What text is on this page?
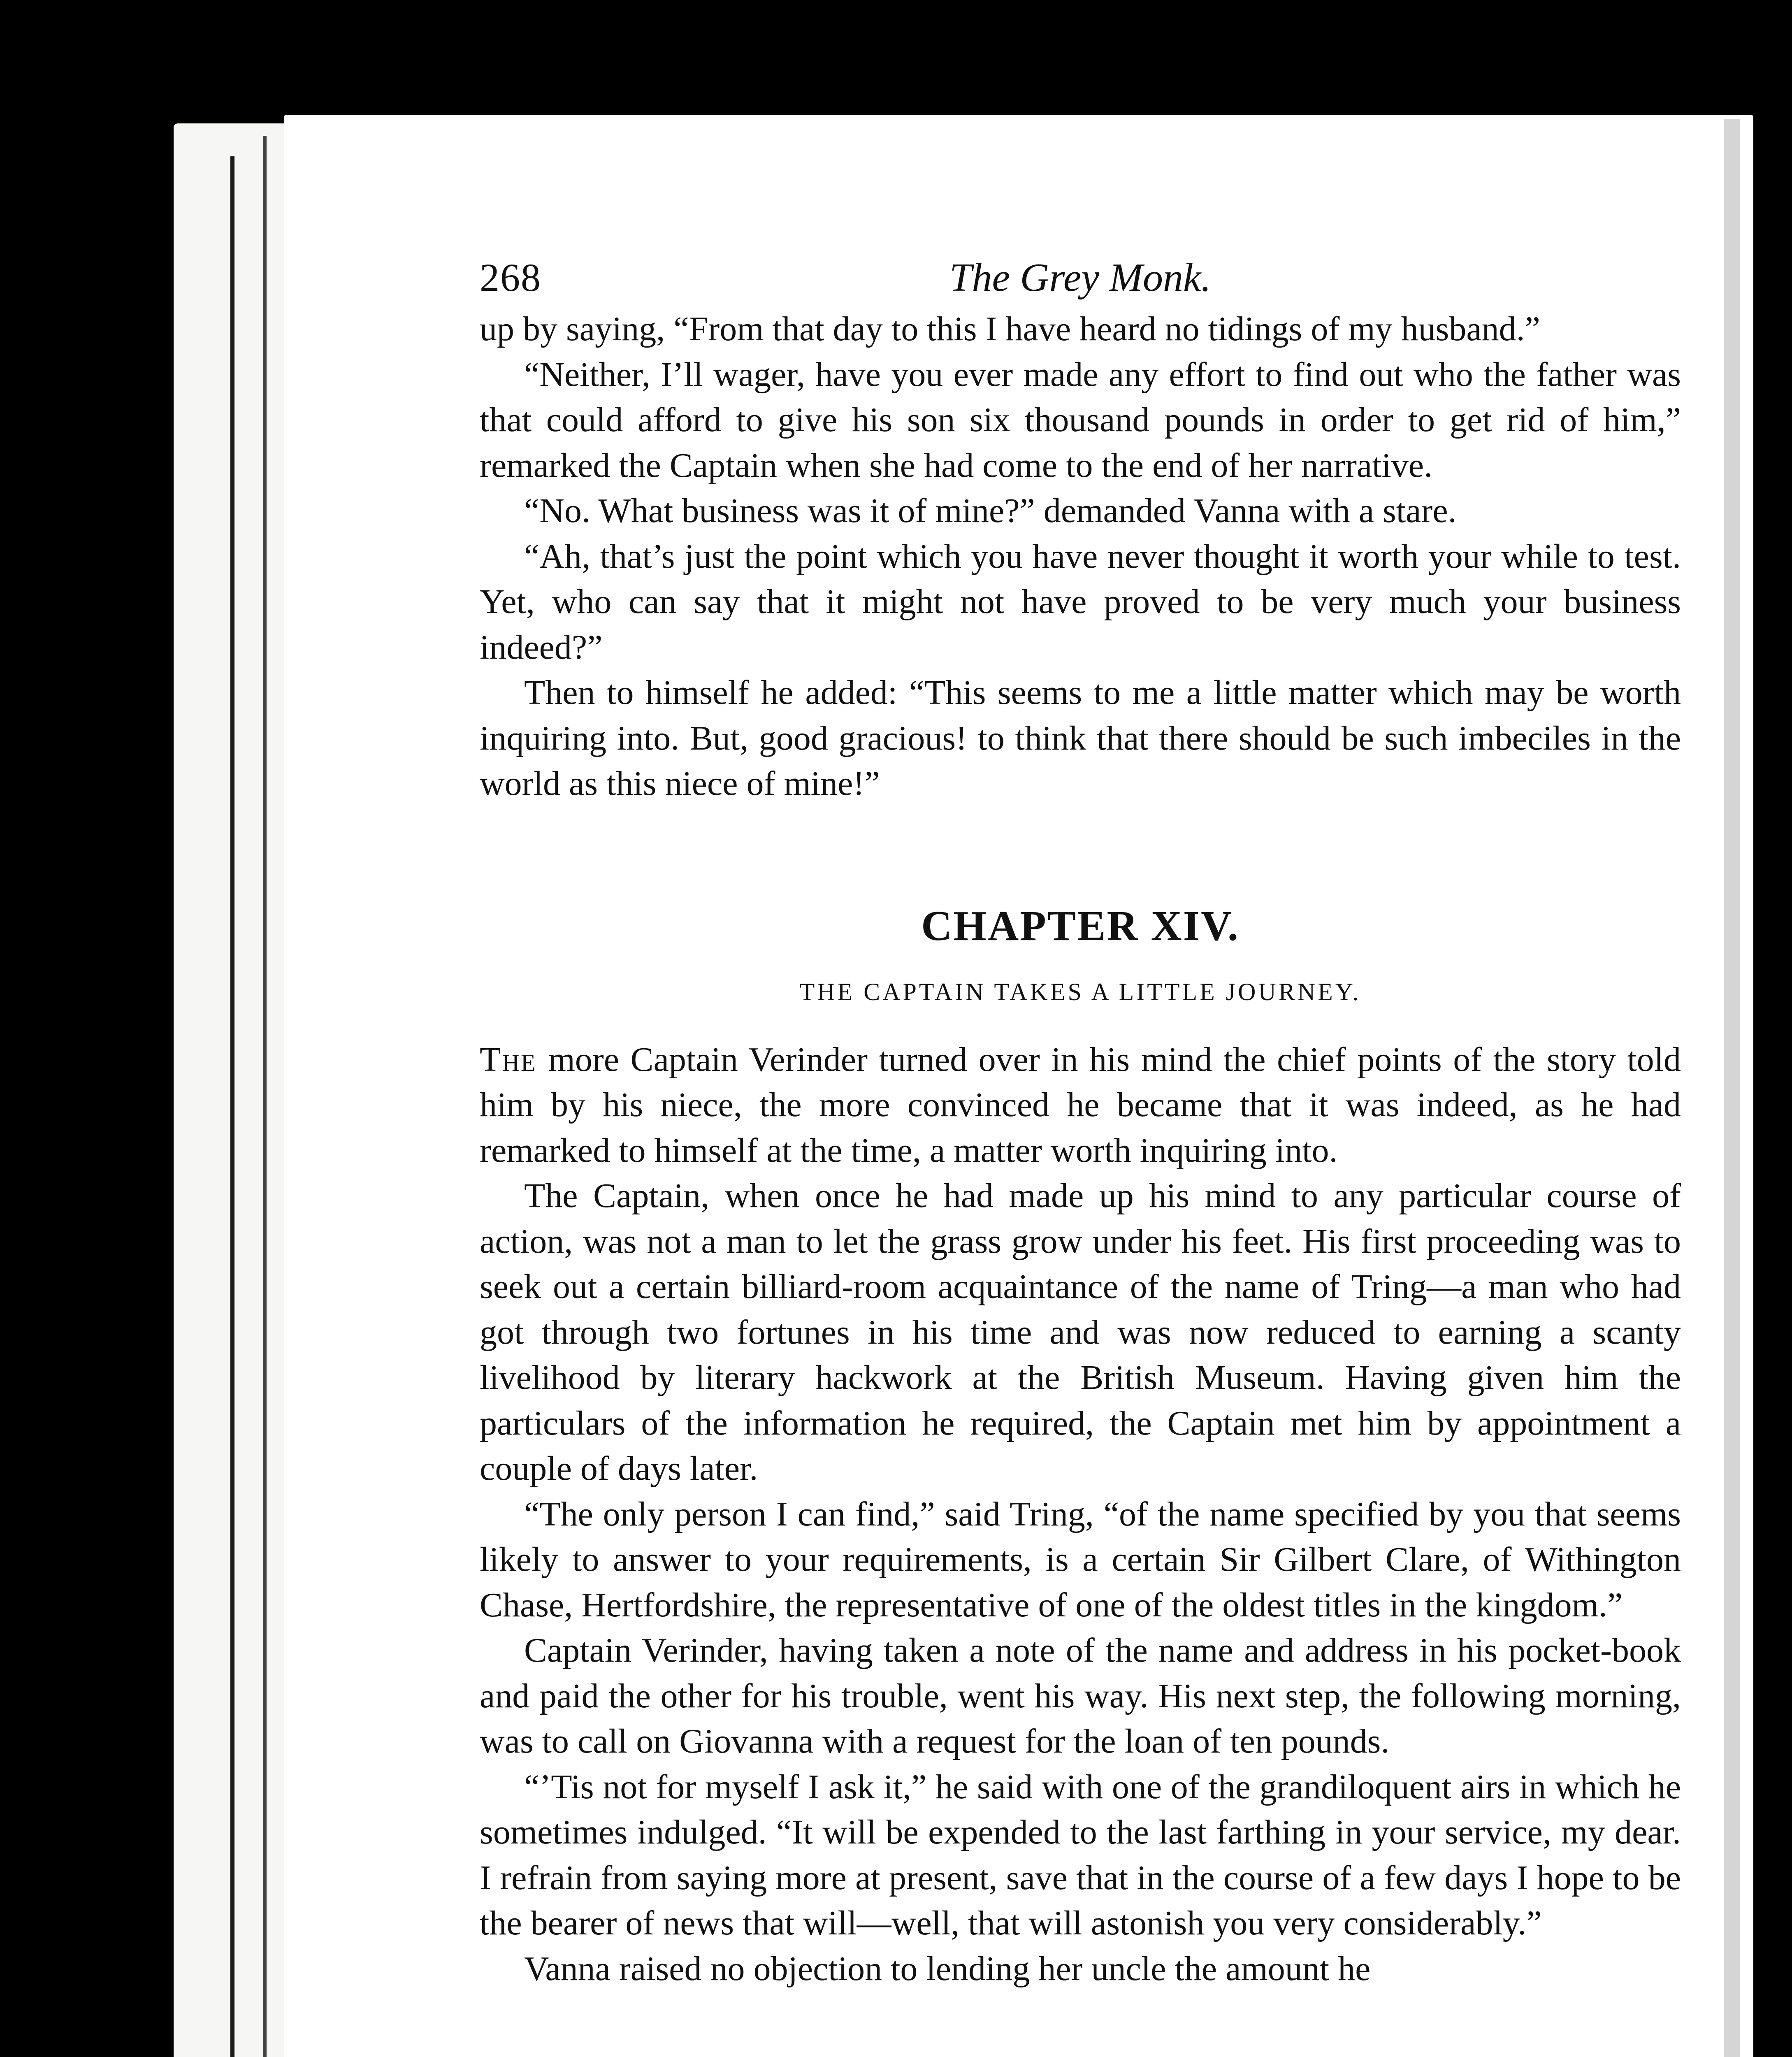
268	The Grey Monk.

up by saying, “From that day to this I have heard no tidings of my husband.”

“Neither, I’ll wager, have you ever made any effort to find out who the father was that could afford to give his son six thousand pounds in order to get rid of him,” remarked the Captain when she had come to the end of her narrative.

“No. What business was it of mine?” demanded Vanna with a stare.

“Ah, that’s just the point which you have never thought it worth your while to test. Yet, who can say that it might not have proved to be very much your business indeed?”

Then to himself he added: “This seems to me a little matter which may be worth inquiring into. But, good gracious! to think that there should be such imbeciles in the world as this niece of mine!”

CHAPTER XIV.

THE CAPTAIN TAKES A LITTLE JOURNEY.

The more Captain Verinder turned over in his mind the chief points of the story told him by his niece, the more convinced he became that it was indeed, as he had remarked to himself at the time, a matter worth inquiring into.

The Captain, when once he had made up his mind to any particular course of action, was not a man to let the grass grow under his feet. His first proceeding was to seek out a certain billiard-room acquaintance of the name of Tring—a man who had got through two fortunes in his time and was now reduced to earning a scanty livelihood by literary hackwork at the British Museum. Having given him the particulars of the information he required, the Captain met him by appointment a couple of days later.

“The only person I can find,” said Tring, “of the name specified by you that seems likely to answer to your requirements, is a certain Sir Gilbert Clare, of Withington Chase, Hertfordshire, the representative of one of the oldest titles in the kingdom.”

Captain Verinder, having taken a note of the name and address in his pocket-book and paid the other for his trouble, went his way. His next step, the following morning, was to call on Giovanna with a request for the loan of ten pounds.

“’Tis not for myself I ask it,” he said with one of the grandiloquent airs in which he sometimes indulged. “It will be expended to the last farthing in your service, my dear. I refrain from saying more at present, save that in the course of a few days I hope to be the bearer of news that will—well, that will astonish you very considerably.”

Vanna raised no objection to lending her uncle the amount he
